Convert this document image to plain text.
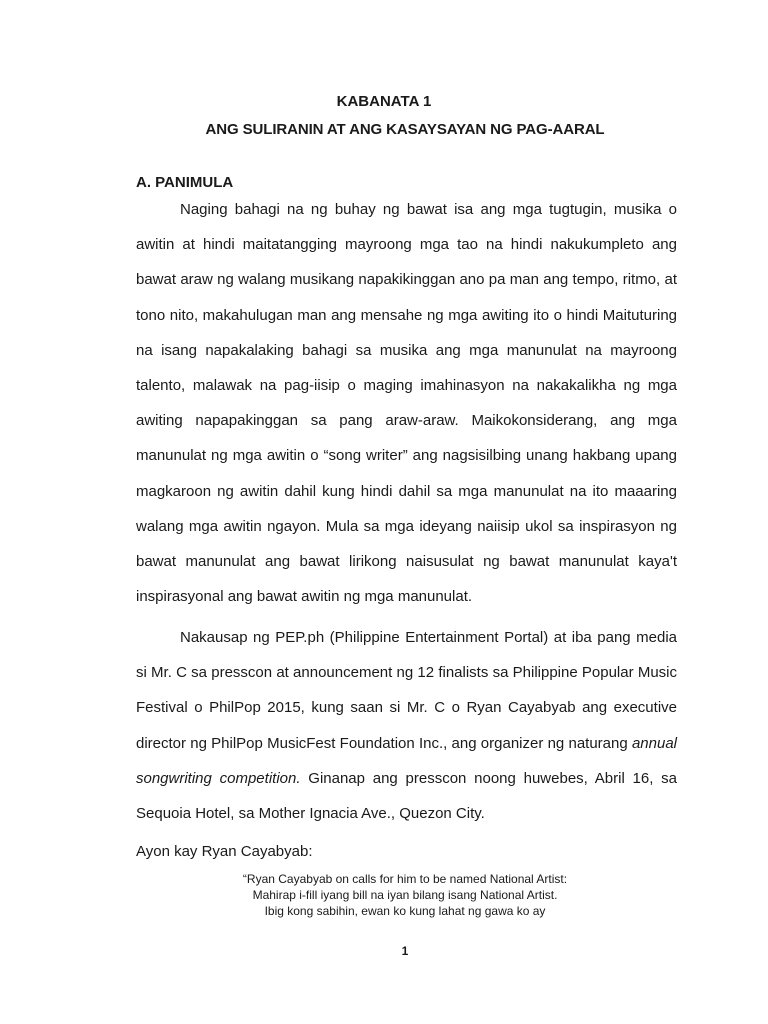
KABANATA 1
ANG SULIRANIN AT ANG KASAYSAYAN NG PAG-AARAL
A. PANIMULA

Naging bahagi na ng buhay ng bawat isa ang mga tugtugin, musika o awitin at hindi maitatangging mayroong mga tao na hindi nakukumpleto ang bawat araw ng walang musikang napakikinggan ano pa man ang tempo, ritmo, at tono nito, makahulugan man ang mensahe ng mga awiting ito o hindi Maituturing na isang napakalaking bahagi sa musika ang mga manunulat na mayroong talento, malawak na pag-iisip o maging imahinasyon na nakakalikha ng mga awiting napapakinggan sa pang araw-araw. Maikokonsiderang, ang mga manunulat ng mga awitin o “song writer” ang nagsisilbing unang hakbang upang magkaroon ng awitin dahil kung hindi dahil sa mga manunulat na ito maaaring walang mga awitin ngayon. Mula sa mga ideyang naiisip ukol sa inspirasyon ng bawat manunulat ang bawat lirikong naisusulat ng bawat manunulat kaya't inspirasyonal ang bawat awitin ng mga manunulat.

Nakausap ng PEP.ph (Philippine Entertainment Portal) at iba pang media si Mr. C sa presscon at announcement ng 12 finalists sa Philippine Popular Music Festival o PhilPop 2015, kung saan si Mr. C o Ryan Cayabyab ang executive director ng PhilPop MusicFest Foundation Inc., ang organizer ng naturang annual songwriting competition. Ginanap ang presscon noong huwebes, Abril 16, sa Sequoia Hotel, sa Mother Ignacia Ave., Quezon City.

Ayon kay Ryan Cayabyab:
“Ryan Cayabyab on calls for him to be named National Artist:
Mahirap i-fill iyang bill na iyan bilang isang National Artist.
Ibig kong sabihin, ewan ko kung lahat ng gawa ko ay
1
